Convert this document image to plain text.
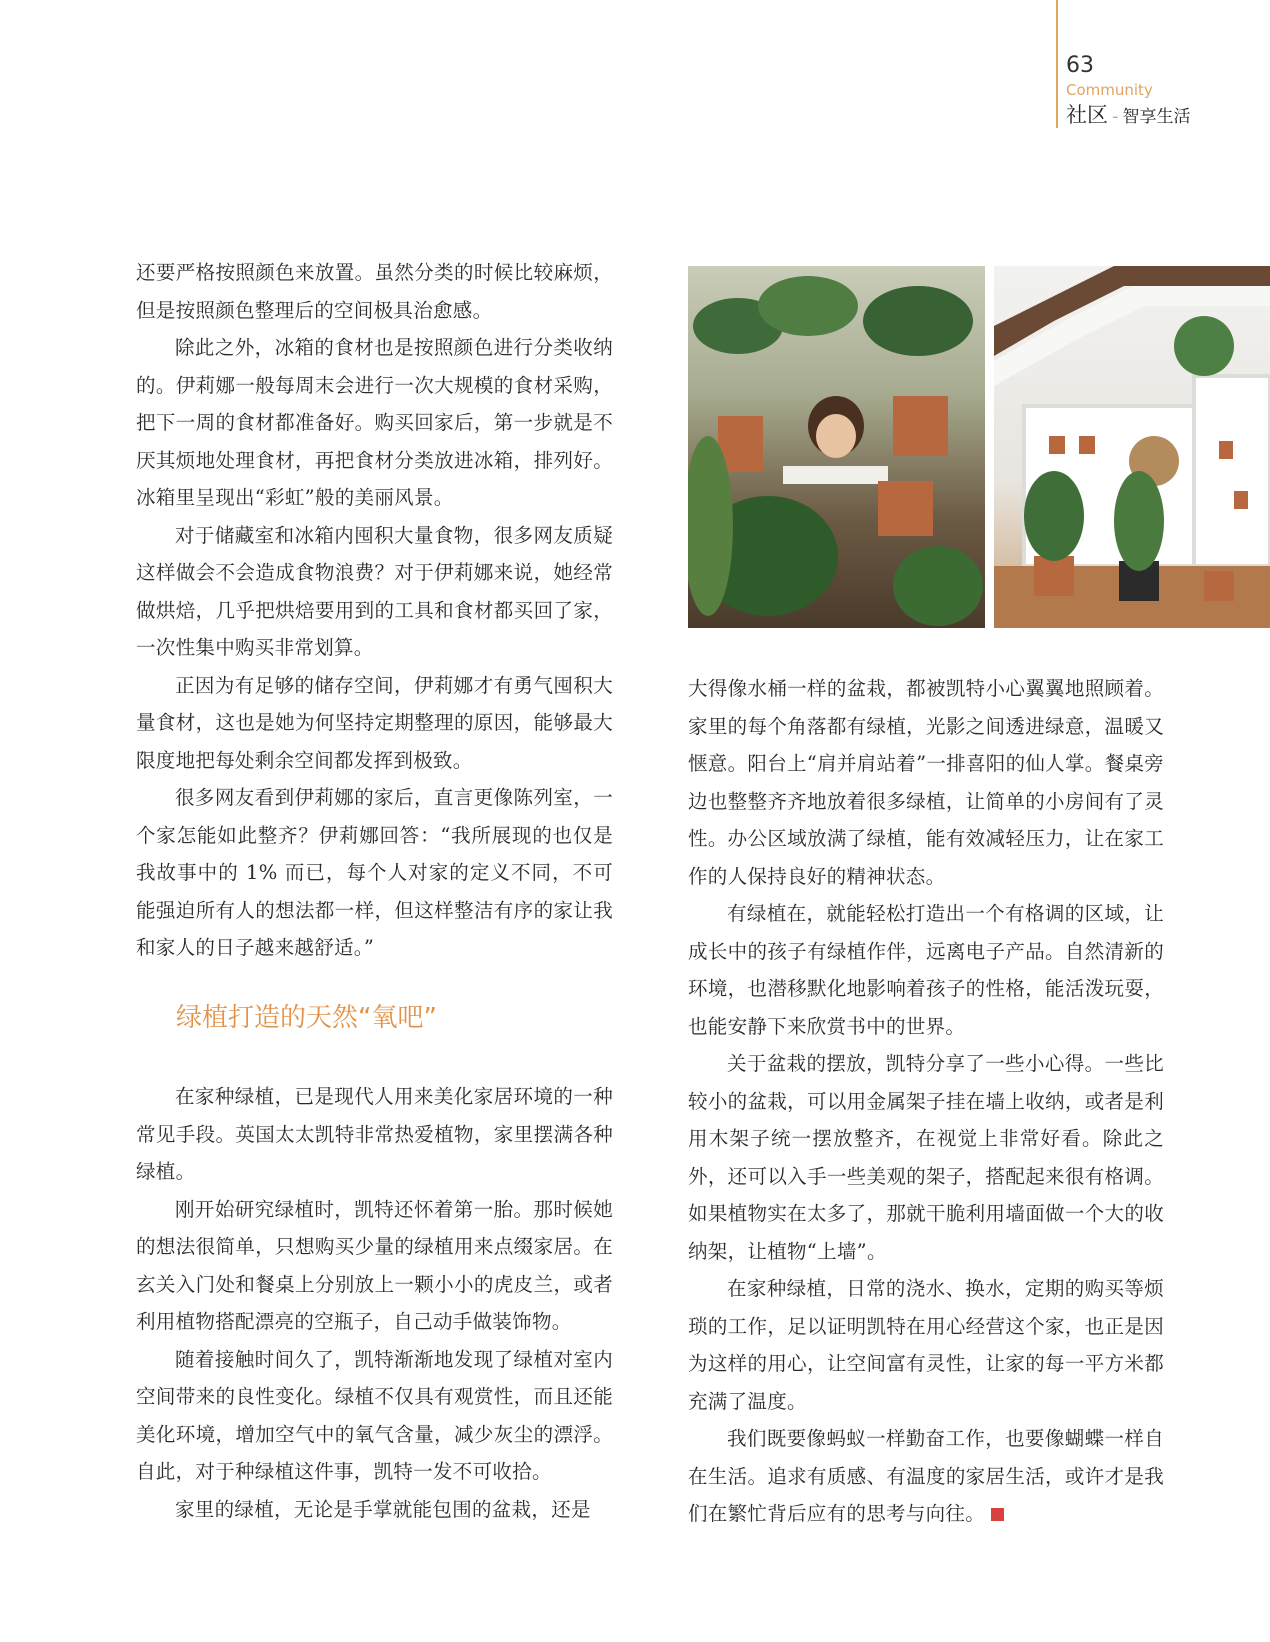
63
Community
社区 - 智享生活

还要严格按照颜色来放置。虽然分类的时候比较麻烦，但是按照颜色整理后的空间极具治愈感。

除此之外，冰箱的食材也是按照颜色进行分类收纳的。伊莉娜一般每周末会进行一次大规模的食材采购，把下一周的食材都准备好。购买回家后，第一步就是不厌其烦地处理食材，再把食材分类放进冰箱，排列好。冰箱里呈现出“彩虹”般的美丽风景。

对于储藏室和冰箱内囤积大量食物，很多网友质疑这样做会不会造成食物浪费？对于伊莉娜来说，她经常做烘焙，几乎把烘焙要用到的工具和食材都买回了家，一次性集中购买非常划算。

正因为有足够的储存空间，伊莉娜才有勇气囤积大量食材，这也是她为何坚持定期整理的原因，能够最大限度地把每处剩余空间都发挥到极致。

很多网友看到伊莉娜的家后，直言更像陈列室，一个家怎能如此整齐？伊莉娜回答：“我所展现的也仅是我故事中的 1% 而已，每个人对家的定义不同，不可能强迫所有人的想法都一样，但这样整洁有序的家让我和家人的日子越来越舒适。”

绿植打造的天然“氧吧”

在家种绿植，已是现代人用来美化家居环境的一种常见手段。英国太太凯特非常热爱植物，家里摆满各种绿植。

刚开始研究绿植时，凯特还怀着第一胎。那时候她的想法很简单，只想购买少量的绿植用来点缀家居。在玄关入门处和餐桌上分别放上一颗小小的虎皮兰，或者利用植物搭配漂亮的空瓶子，自己动手做装饰物。

随着接触时间久了，凯特渐渐地发现了绿植对室内空间带来的良性变化。绿植不仅具有观赏性，而且还能美化环境，增加空气中的氧气含量，减少灰尘的漂浮。自此，对于种绿植这件事，凯特一发不可收拾。

家里的绿植，无论是手掌就能包围的盆栽，还是

大得像水桶一样的盆栽，都被凯特小心翼翼地照顾着。家里的每个角落都有绿植，光影之间透进绿意，温暖又惬意。阳台上“肩并肩站着”一排喜阳的仙人掌。餐桌旁边也整整齐齐地放着很多绿植，让简单的小房间有了灵性。办公区域放满了绿植，能有效减轻压力，让在家工作的人保持良好的精神状态。

有绿植在，就能轻松打造出一个有格调的区域，让成长中的孩子有绿植作伴，远离电子产品。自然清新的环境，也潜移默化地影响着孩子的性格，能活泼玩耍，也能安静下来欣赏书中的世界。

关于盆栽的摆放，凯特分享了一些小心得。一些比较小的盆栽，可以用金属架子挂在墙上收纳，或者是利用木架子统一摆放整齐，在视觉上非常好看。除此之外，还可以入手一些美观的架子，搭配起来很有格调。如果植物实在太多了，那就干脆利用墙面做一个大的收纳架，让植物“上墙”。

在家种绿植，日常的浇水、换水，定期的购买等烦琐的工作，足以证明凯特在用心经营这个家，也正是因为这样的用心，让空间富有灵性，让家的每一平方米都充满了温度。

我们既要像蚂蚁一样勤奋工作，也要像蝴蝶一样自在生活。追求有质感、有温度的家居生活，或许才是我们在繁忙背后应有的思考与向往。	S
